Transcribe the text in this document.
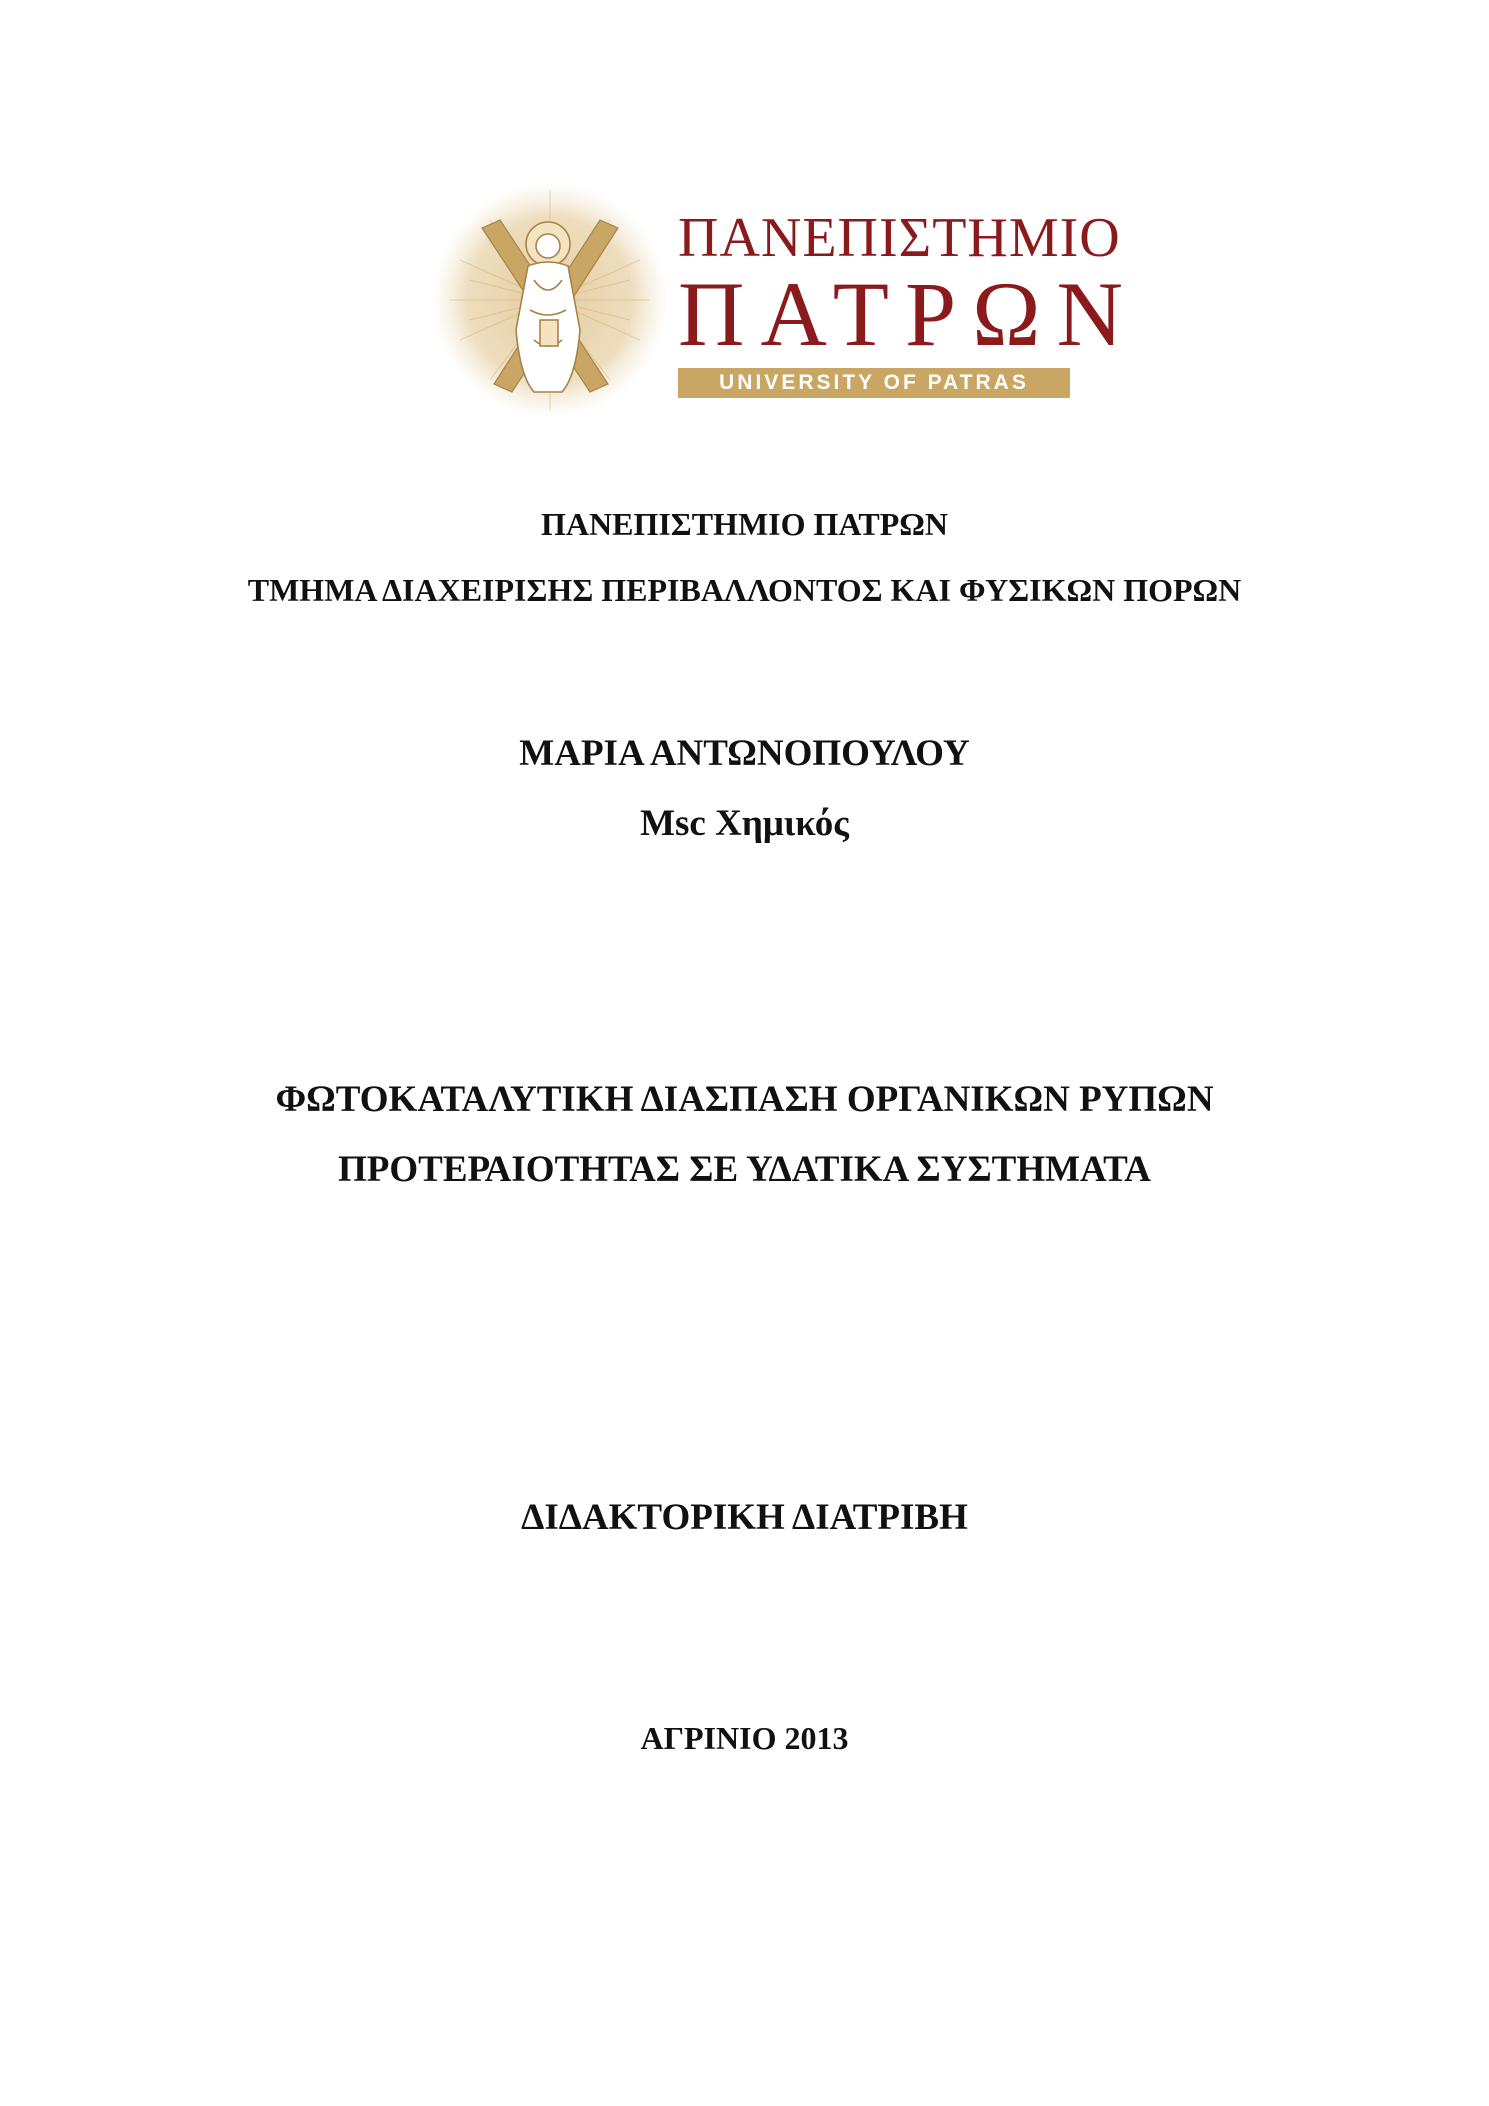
ΠΑΝΕΠΙΣΤΗΜΙΟ
ΠΑΤΡΩΝ
UNIVERSITY OF PATRAS
ΠΑΝΕΠΙΣΤΗΜΙΟ ΠΑΤΡΩΝ
ΤΜΗΜΑ ΔΙΑΧΕΙΡΙΣΗΣ ΠΕΡΙΒΑΛΛΟΝΤΟΣ ΚΑΙ ΦΥΣΙΚΩΝ ΠΟΡΩΝ
ΜΑΡΙΑ ΑΝΤΩΝΟΠΟΥΛΟΥ
Msc Χημικός
ΦΩΤΟΚΑΤΑΛΥΤΙΚΗ ΔΙΑΣΠΑΣΗ ΟΡΓΑΝΙΚΩΝ ΡΥΠΩΝ
ΠΡΟΤΕΡΑΙΟΤΗΤΑΣ ΣΕ ΥΔΑΤΙΚΑ ΣΥΣΤΗΜΑΤΑ
ΔΙΔΑΚΤΟΡΙΚΗ ΔΙΑΤΡΙΒΗ
ΑΓΡΙΝΙΟ 2013
